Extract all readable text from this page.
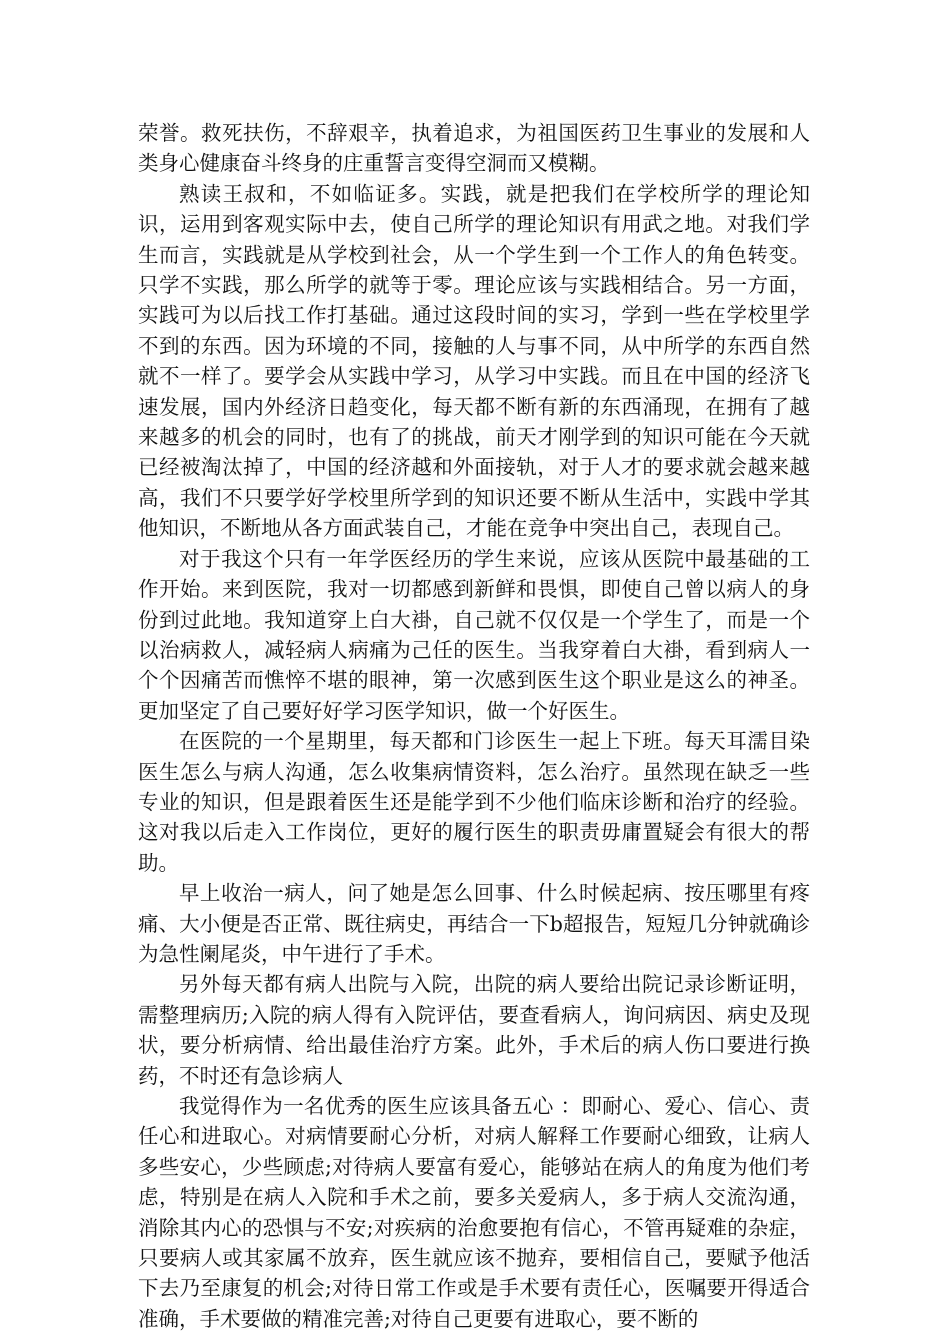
荣誉。救死扶伤，不辞艰辛，执着追求，为祖国医药卫生事业的发展和人类身心健康奋斗终身的庄重誓言变得空洞而又模糊。

熟读王叔和，不如临证多。实践，就是把我们在学校所学的理论知识，运用到客观实际中去，使自己所学的理论知识有用武之地。对我们学生而言，实践就是从学校到社会，从一个学生到一个工作人的角色转变。只学不实践，那么所学的就等于零。理论应该与实践相结合。另一方面，实践可为以后找工作打基础。通过这段时间的实习，学到一些在学校里学不到的东西。因为环境的不同，接触的人与事不同，从中所学的东西自然就不一样了。要学会从实践中学习，从学习中实践。而且在中国的经济飞速发展，国内外经济日趋变化，每天都不断有新的东西涌现，在拥有了越来越多的机会的同时，也有了的挑战，前天才刚学到的知识可能在今天就已经被淘汰掉了，中国的经济越和外面接轨，对于人才的要求就会越来越高，我们不只要学好学校里所学到的知识还要不断从生活中，实践中学其他知识，不断地从各方面武装自己，才能在竞争中突出自己，表现自己。

对于我这个只有一年学医经历的学生来说，应该从医院中最基础的工作开始。来到医院，我对一切都感到新鲜和畏惧，即使自己曾以病人的身份到过此地。我知道穿上白大褂，自己就不仅仅是一个学生了，而是一个以治病救人，减轻病人病痛为己任的医生。当我穿着白大褂，看到病人一个个因痛苦而憔悴不堪的眼神，第一次感到医生这个职业是这么的神圣。更加坚定了自己要好好学习医学知识，做一个好医生。

在医院的一个星期里，每天都和门诊医生一起上下班。每天耳濡目染医生怎么与病人沟通，怎么收集病情资料，怎么治疗。虽然现在缺乏一些专业的知识，但是跟着医生还是能学到不少他们临床诊断和治疗的经验。这对我以后走入工作岗位，更好的履行医生的职责毋庸置疑会有很大的帮助。

早上收治一病人，问了她是怎么回事、什么时候起病、按压哪里有疼痛、大小便是否正常、既往病史，再结合一下b超报告，短短几分钟就确诊为急性阑尾炎，中午进行了手术。

另外每天都有病人出院与入院，出院的病人要给出院记录诊断证明，需整理病历;入院的病人得有入院评估，要查看病人，询问病因、病史及现状，要分析病情、给出最佳治疗方案。此外，手术后的病人伤口要进行换药，不时还有急诊病人

我觉得作为一名优秀的医生应该具备五心 ：即耐心、爱心、信心、责任心和进取心。对病情要耐心分析，对病人解释工作要耐心细致，让病人多些安心，少些顾虑;对待病人要富有爱心，能够站在病人的角度为他们考虑，特别是在病人入院和手术之前，要多关爱病人，多于病人交流沟通，消除其内心的恐惧与不安;对疾病的治愈要抱有信心，不管再疑难的杂症，只要病人或其家属不放弃，医生就应该不抛弃，要相信自己，要赋予他活下去乃至康复的机会;对待日常工作或是手术要有责任心，医嘱要开得适合准确，手术要做的精准完善;对待自己更要有进取心，要不断的
